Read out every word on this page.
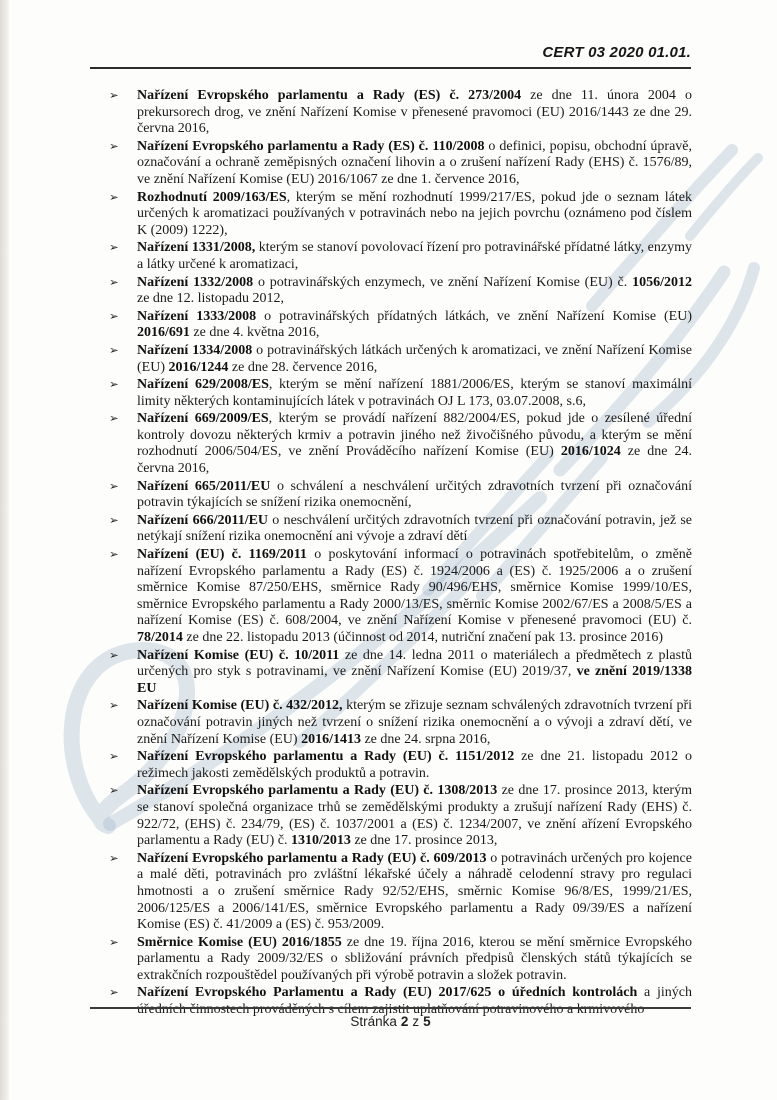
CERT 03 2020 01.01.
➢ Nařízení Evropského parlamentu a Rady (ES) č. 273/2004 ze dne 11. února 2004 o prekursorech drog, ve znění Nařízení Komise v přenesené pravomoci (EU) 2016/1443 ze dne 29. června 2016,
➢ Nařízení Evropského parlamentu a Rady (ES) č. 110/2008 o definici, popisu, obchodní úpravě, označování a ochraně zeměpisných označení lihovin a o zrušení nařízení Rady (EHS) č. 1576/89, ve znění Nařízení Komise (EU) 2016/1067 ze dne 1. července 2016,
➢ Rozhodnutí 2009/163/ES, kterým se mění rozhodnutí 1999/217/ES, pokud jde o seznam látek určených k aromatizaci používaných v potravinách nebo na jejich povrchu (oznámeno pod číslem K (2009) 1222),
➢ Nařízení 1331/2008, kterým se stanoví povolovací řízení pro potravinářské přídatné látky, enzymy a látky určené k aromatizaci,
➢ Nařízení 1332/2008 o potravinářských enzymech, ve znění Nařízení Komise (EU) č. 1056/2012 ze dne 12. listopadu 2012,
➢ Nařízení 1333/2008 o potravinářských přídatných látkách, ve znění Nařízení Komise (EU) 2016/691 ze dne 4. května 2016,
➢ Nařízení 1334/2008 o potravinářských látkách určených k aromatizaci, ve znění Nařízení Komise (EU) 2016/1244 ze dne 28. července 2016,
➢ Nařízení 629/2008/ES, kterým se mění nařízení 1881/2006/ES, kterým se stanoví maximální limity některých kontaminujících látek v potravinách OJ L 173, 03.07.2008, s.6,
➢ Nařízení 669/2009/ES, kterým se provádí nařízení 882/2004/ES, pokud jde o zesílené úřední kontroly dovozu některých krmiv a potravin jiného než živočišného původu, a kterým se mění rozhodnutí 2006/504/ES, ve znění Prováděcího nařízení Komise (EU) 2016/1024 ze dne 24. června 2016,
➢ Nařízení 665/2011/EU o schválení a neschválení určitých zdravotních tvrzení při označování potravin týkajících se snížení rizika onemocnění,
➢ Nařízení 666/2011/EU o neschválení určitých zdravotních tvrzení při označování potravin, jež se netýkají snížení rizika onemocnění ani vývoje a zdraví dětí
➢ Nařízení (EU) č. 1169/2011 o poskytování informací o potravinách spotřebitelům, o změně nařízení Evropského parlamentu a Rady (ES) č. 1924/2006 a (ES) č. 1925/2006 a o zrušení směrnice Komise 87/250/EHS, směrnice Rady 90/496/EHS, směrnice Komise 1999/10/ES, směrnice Evropského parlamentu a Rady 2000/13/ES, směrnic Komise 2002/67/ES a 2008/5/ES a nařízení Komise (ES) č. 608/2004, ve znění Nařízení Komise v přenesené pravomoci (EU) č. 78/2014 ze dne 22. listopadu 2013 (účinnost od 2014, nutriční značení pak 13. prosince 2016)
➢ Nařízení Komise (EU) č. 10/2011 ze dne 14. ledna 2011 o materiálech a předmětech z plastů určených pro styk s potravinami, ve znění Nařízení Komise (EU) 2019/37, ve znění 2019/1338 EU
➢ Nařízení Komise (EU) č. 432/2012, kterým se zřizuje seznam schválených zdravotních tvrzení při označování potravin jiných než tvrzení o snížení rizika onemocnění a o vývoji a zdraví dětí, ve znění Nařízení Komise (EU) 2016/1413 ze dne 24. srpna 2016,
➢ Nařízení Evropského parlamentu a Rady (EU) č. 1151/2012 ze dne 21. listopadu 2012 o režimech jakosti zemědělských produktů a potravin.
➢ Nařízení Evropského parlamentu a Rady (EU) č. 1308/2013 ze dne 17. prosince 2013, kterým se stanoví společná organizace trhů se zemědělskými produkty a zrušují nařízení Rady (EHS) č. 922/72, (EHS) č. 234/79, (ES) č. 1037/2001 a (ES) č. 1234/2007, ve znění ařízení Evropského parlamentu a Rady (EU) č. 1310/2013 ze dne 17. prosince 2013,
➢ Nařízení Evropského parlamentu a Rady (EU) č. 609/2013 o potravinách určených pro kojence a malé děti, potravinách pro zvláštní lékařské účely a náhradě celodenní stravy pro regulaci hmotnosti a o zrušení směrnice Rady 92/52/EHS, směrnic Komise 96/8/ES, 1999/21/ES, 2006/125/ES a 2006/141/ES, směrnice Evropského parlamentu a Rady 09/39/ES a nařízení Komise (ES) č. 41/2009 a (ES) č. 953/2009.
➢ Směrnice Komise (EU) 2016/1855 ze dne 19. října 2016, kterou se mění směrnice Evropského parlamentu a Rady 2009/32/ES o sbližování právních předpisů členských států týkajících se extrakčních rozpouštědel používaných při výrobě potravin a složek potravin.
➢ Nařízení Evropského Parlamentu a Rady (EU) 2017/625 o úředních kontrolách a jiných úředních činnostech prováděných s cílem zajistit uplatňování potravinového a krmivového
Stránka 2 z 5
